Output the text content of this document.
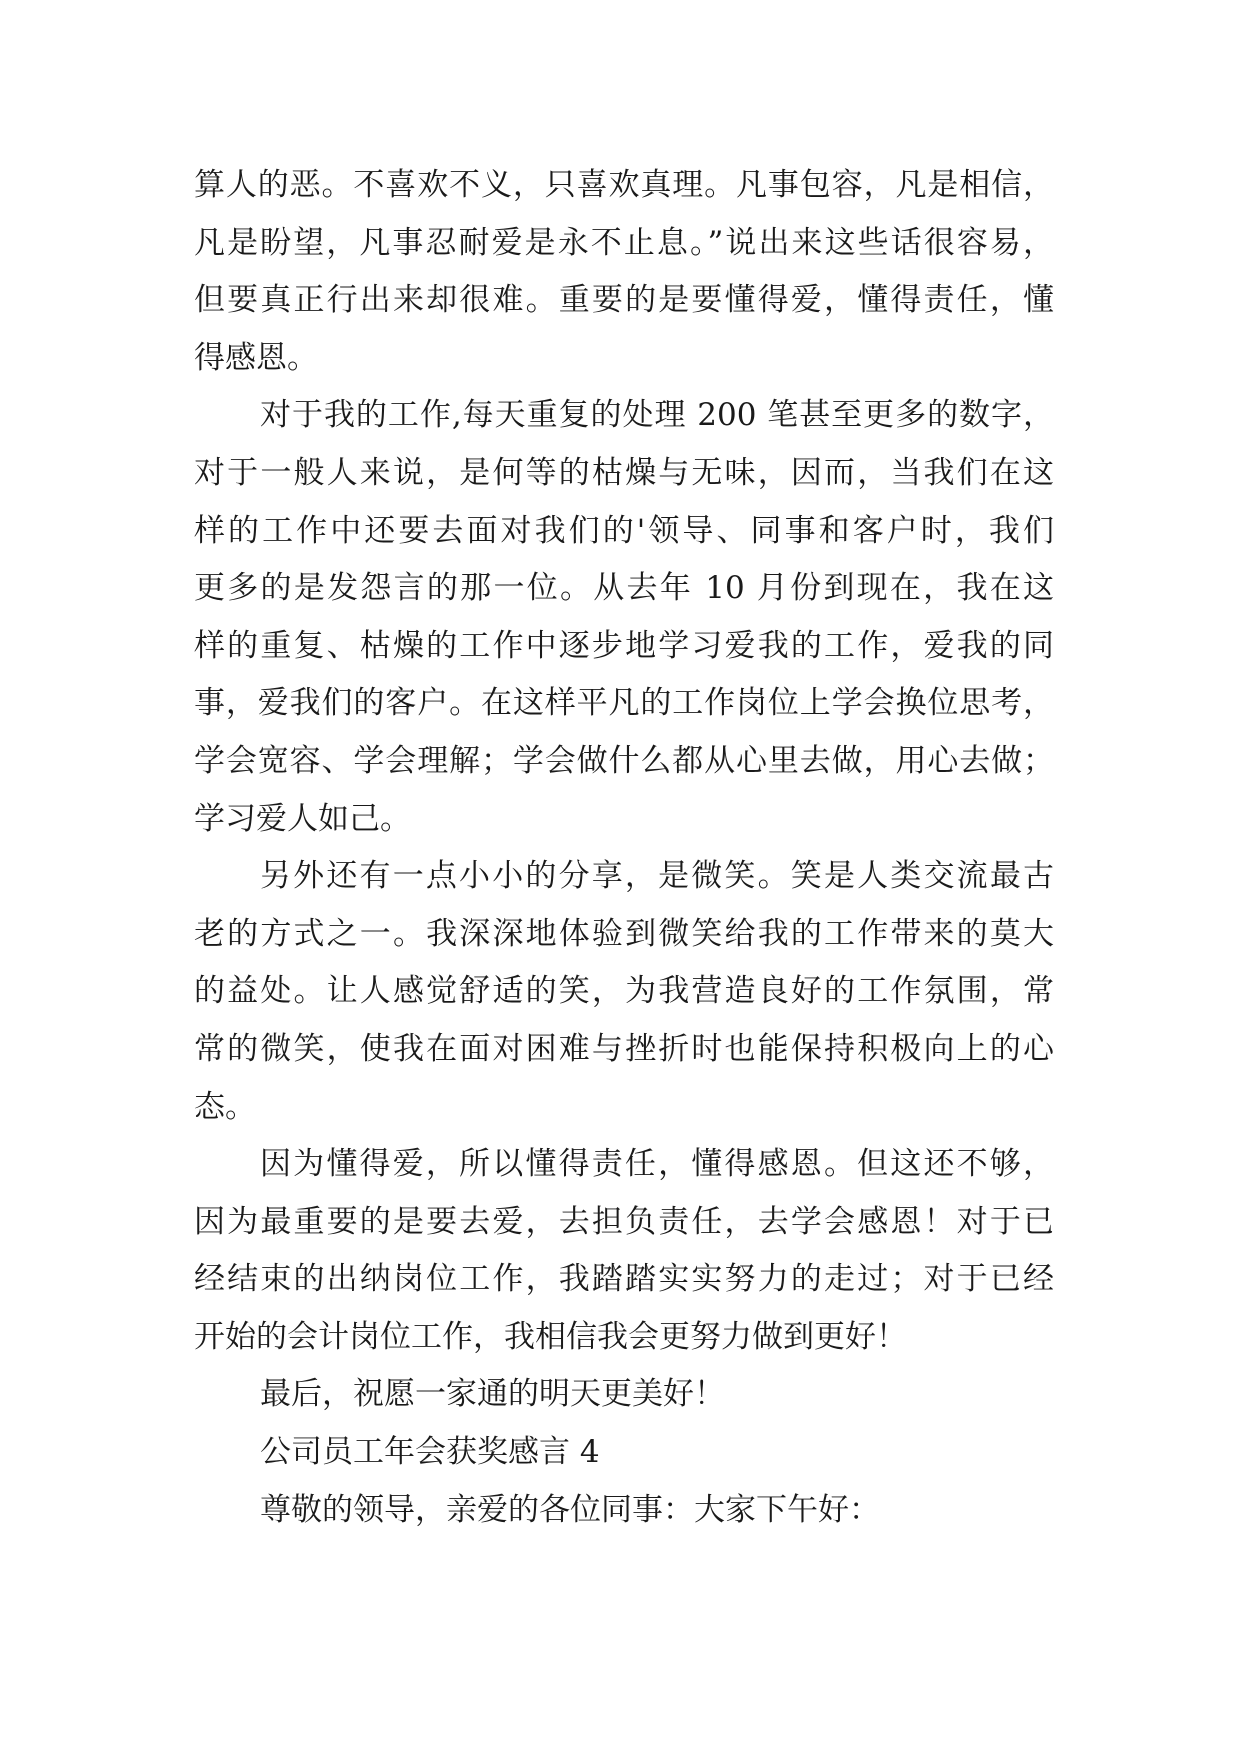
算人的恶。不喜欢不义，只喜欢真理。凡事包容，凡是相信，
凡是盼望，凡事忍耐爱是永不止息。”说出来这些话很容易，
但要真正行出来却很难。重要的是要懂得爱，懂得责任，懂
得感恩。
对于我的工作,每天重复的处理 200 笔甚至更多的数字，
对于一般人来说，是何等的枯燥与无味，因而，当我们在这
样的工作中还要去面对我们的'领导、同事和客户时，我们
更多的是发怨言的那一位。从去年 10 月份到现在，我在这
样的重复、枯燥的工作中逐步地学习爱我的工作，爱我的同
事，爱我们的客户。在这样平凡的工作岗位上学会换位思考，
学会宽容、学会理解；学会做什么都从心里去做，用心去做；
学习爱人如己。
另外还有一点小小的分享，是微笑。笑是人类交流最古
老的方式之一。我深深地体验到微笑给我的工作带来的莫大
的益处。让人感觉舒适的笑，为我营造良好的工作氛围，常
常的微笑，使我在面对困难与挫折时也能保持积极向上的心
态。
因为懂得爱，所以懂得责任，懂得感恩。但这还不够，
因为最重要的是要去爱，去担负责任，去学会感恩！对于已
经结束的出纳岗位工作，我踏踏实实努力的走过；对于已经
开始的会计岗位工作，我相信我会更努力做到更好！
最后，祝愿一家通的明天更美好！
公司员工年会获奖感言 4
尊敬的领导，亲爱的各位同事：大家下午好：
